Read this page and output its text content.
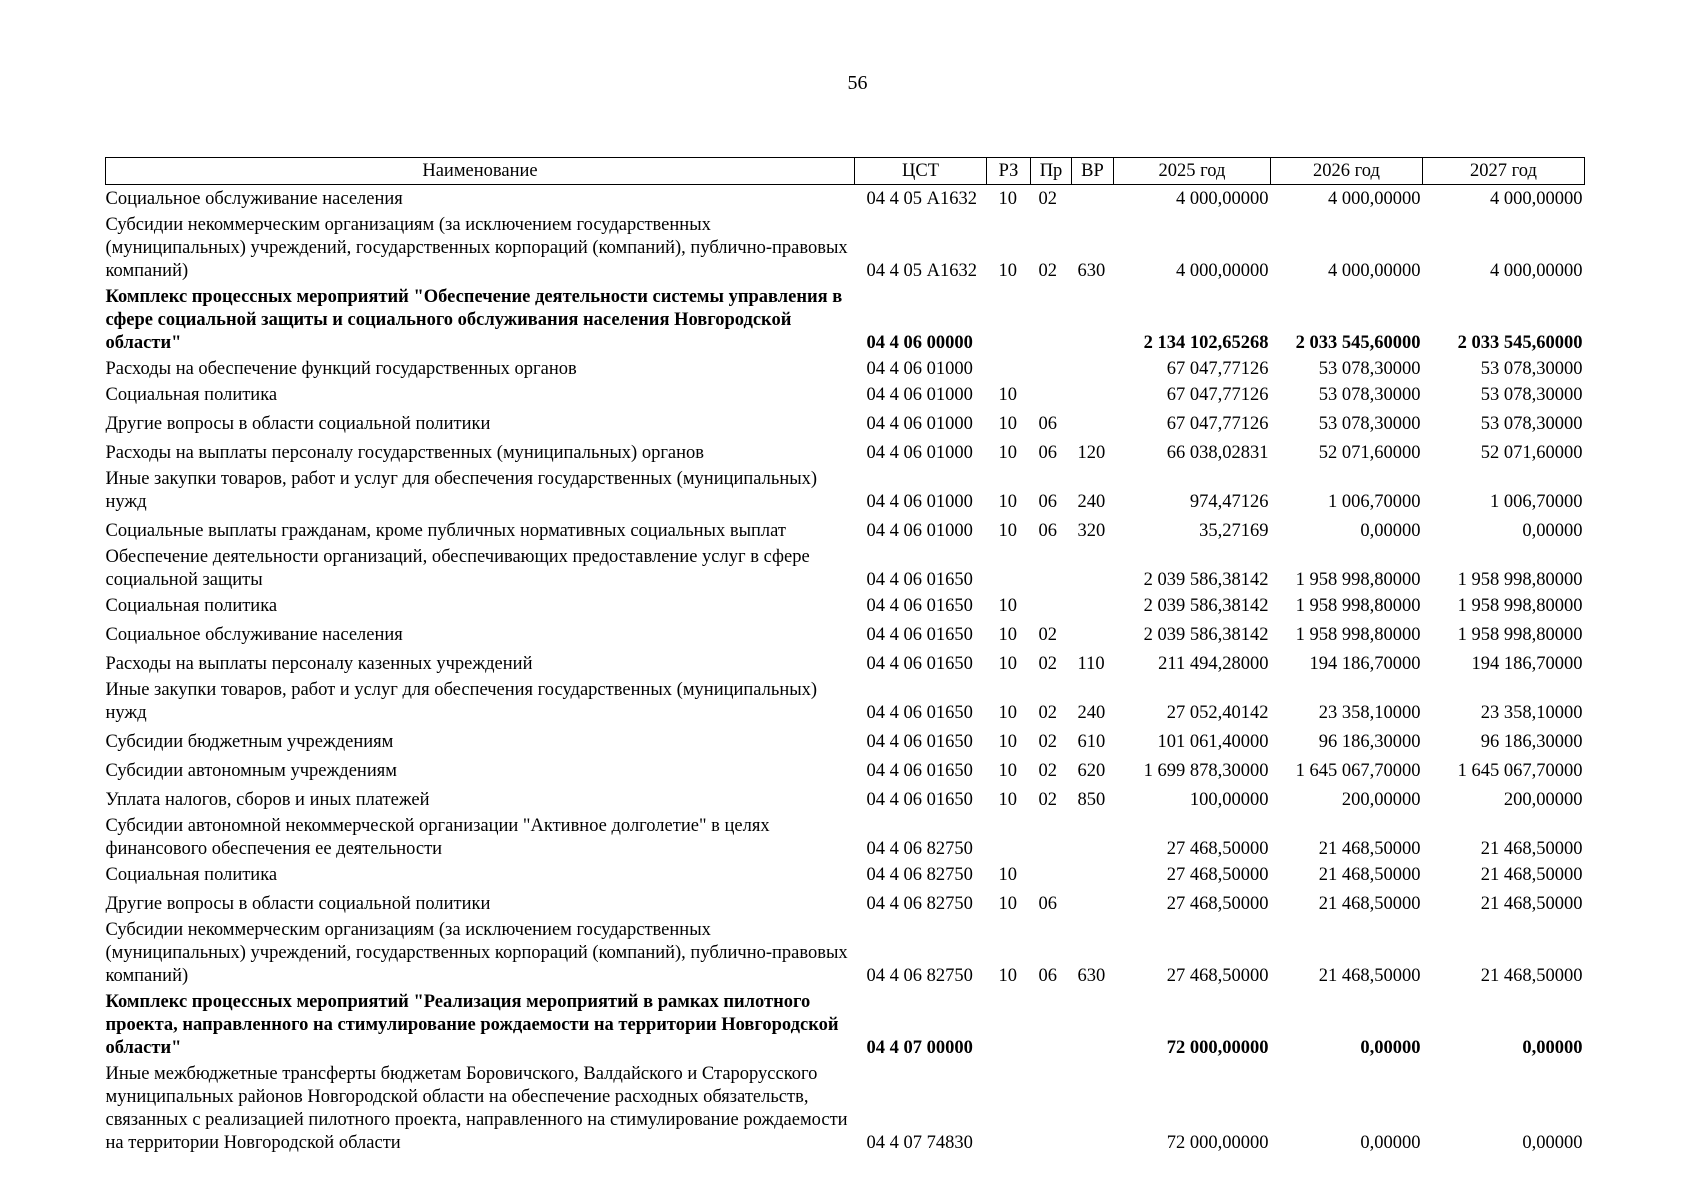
56
Наименование	ЦСТ	РЗ	Пр	ВР	2025 год	2026 год	2027 год
Социальное обслуживание населения	04 4 05 А1632	10	02		4 000,00000	4 000,00000	4 000,00000
Субсидии некоммерческим организациям (за исключением государственных (муниципальных) учреждений, государственных корпораций (компаний), публично-правовых компаний)	04 4 05 А1632	10	02	630	4 000,00000	4 000,00000	4 000,00000
Комплекс процессных мероприятий "Обеспечение деятельности системы управления в сфере социальной защиты и социального обслуживания населения Новгородской области"	04 4 06 00000				2 134 102,65268	2 033 545,60000	2 033 545,60000
Расходы на обеспечение функций государственных органов	04 4 06 01000				67 047,77126	53 078,30000	53 078,30000
Социальная политика	04 4 06 01000	10			67 047,77126	53 078,30000	53 078,30000
Другие вопросы в области социальной политики	04 4 06 01000	10	06		67 047,77126	53 078,30000	53 078,30000
Расходы на выплаты персоналу государственных (муниципальных) органов	04 4 06 01000	10	06	120	66 038,02831	52 071,60000	52 071,60000
Иные закупки товаров, работ и услуг для обеспечения государственных (муниципальных) нужд	04 4 06 01000	10	06	240	974,47126	1 006,70000	1 006,70000
Социальные выплаты гражданам, кроме публичных нормативных социальных выплат	04 4 06 01000	10	06	320	35,27169	0,00000	0,00000
Обеспечение деятельности организаций, обеспечивающих предоставление услуг в сфере социальной защиты	04 4 06 01650				2 039 586,38142	1 958 998,80000	1 958 998,80000
Социальная политика	04 4 06 01650	10			2 039 586,38142	1 958 998,80000	1 958 998,80000
Социальное обслуживание населения	04 4 06 01650	10	02		2 039 586,38142	1 958 998,80000	1 958 998,80000
Расходы на выплаты персоналу казенных учреждений	04 4 06 01650	10	02	110	211 494,28000	194 186,70000	194 186,70000
Иные закупки товаров, работ и услуг для обеспечения государственных (муниципальных) нужд	04 4 06 01650	10	02	240	27 052,40142	23 358,10000	23 358,10000
Субсидии бюджетным учреждениям	04 4 06 01650	10	02	610	101 061,40000	96 186,30000	96 186,30000
Субсидии автономным учреждениям	04 4 06 01650	10	02	620	1 699 878,30000	1 645 067,70000	1 645 067,70000
Уплата налогов, сборов и иных платежей	04 4 06 01650	10	02	850	100,00000	200,00000	200,00000
Субсидии автономной некоммерческой организации "Активное долголетие" в целях финансового обеспечения ее деятельности	04 4 06 82750				27 468,50000	21 468,50000	21 468,50000
Социальная политика	04 4 06 82750	10			27 468,50000	21 468,50000	21 468,50000
Другие вопросы в области социальной политики	04 4 06 82750	10	06		27 468,50000	21 468,50000	21 468,50000
Субсидии некоммерческим организациям (за исключением государственных (муниципальных) учреждений, государственных корпораций (компаний), публично-правовых компаний)	04 4 06 82750	10	06	630	27 468,50000	21 468,50000	21 468,50000
Комплекс процессных мероприятий "Реализация мероприятий в рамках пилотного проекта, направленного на стимулирование рождаемости на территории Новгородской области"	04 4 07 00000				72 000,00000	0,00000	0,00000
Иные межбюджетные трансферты бюджетам Боровичского, Валдайского и Старорусского муниципальных районов Новгородской области на обеспечение расходных обязательств, связанных с реализацией пилотного проекта, направленного на стимулирование рождаемости на территории Новгородской области	04 4 07 74830				72 000,00000	0,00000	0,00000
